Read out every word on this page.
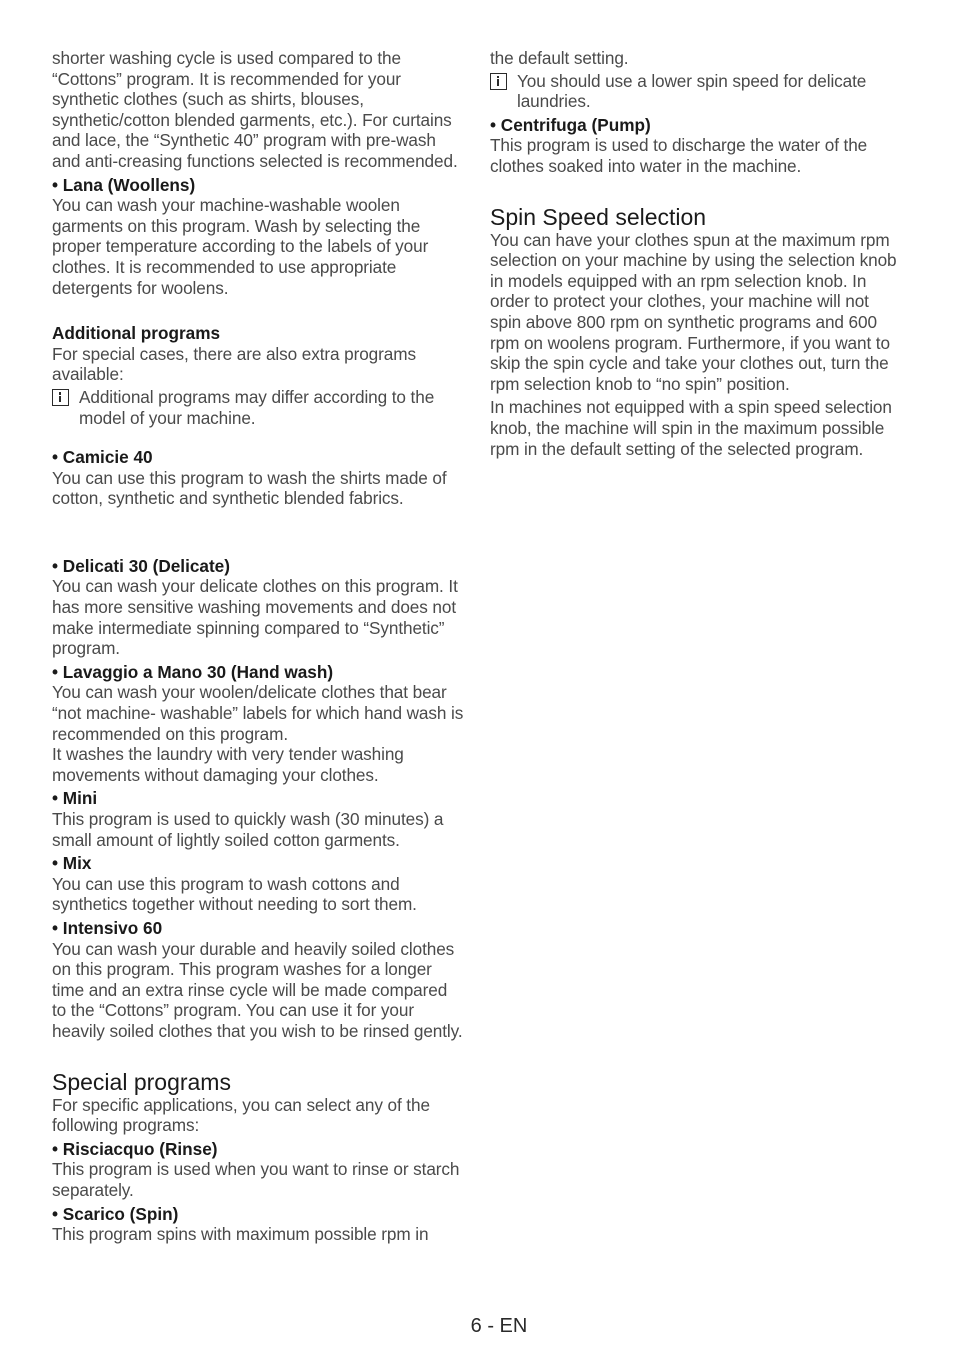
shorter washing cycle is used compared to the “Cottons” program. It is recommended for your synthetic clothes (such as shirts, blouses, synthetic/cotton blended garments, etc.). For curtains and lace, the “Synthetic 40” program with pre-wash and anti-creasing functions selected is recommended.

• Lana (Woollens)

You can wash your machine-washable woolen garments on this program. Wash by selecting the proper temperature according to the labels of your clothes. It is recommended to use appropriate detergents for woolens.

Additional programs

For special cases, there are also extra programs available:

Additional programs may differ according to the model of your machine.

• Camicie 40

You can use this program to wash the shirts made of cotton, synthetic and synthetic blended fabrics.

• Delicati 30 (Delicate)

You can wash your delicate clothes on this program. It has more sensitive washing movements and does not make intermediate spinning compared to “Synthetic” program.

• Lavaggio a Mano 30 (Hand wash)

You can wash your woolen/delicate clothes that bear “not machine- washable” labels for which hand wash is recommended on this program.

It washes the laundry with very tender washing movements without damaging your clothes.

• Mini

This program is used to quickly wash (30 minutes) a small amount of lightly soiled cotton garments.

• Mix

You can use this program to wash cottons and synthetics together without needing to sort them.

• Intensivo 60

You can wash your durable and heavily soiled clothes on this program. This program washes for a longer time and an extra rinse cycle will be made compared to the “Cottons” program. You can use it for your heavily soiled clothes that you wish to be rinsed gently.

Special programs

For specific applications, you can select any of the following programs:

• Risciacquo (Rinse)

This program is used when you want to rinse or starch separately.

• Scarico (Spin)

This program spins with maximum possible rpm in

the default setting.

You should use a lower spin speed for delicate laundries.

• Centrifuga (Pump)

This program is used to discharge the water of the clothes soaked into water in the machine.

Spin Speed selection

You can have your clothes spun at the maximum rpm selection on your machine by using the selection knob in models equipped with an rpm selection knob. In order to protect your clothes, your machine will not spin above 800 rpm on synthetic programs and 600 rpm on woolens program. Furthermore, if you want to skip the spin cycle and take your clothes out, turn the rpm selection knob to “no spin” position.

In machines not equipped with a spin speed selection knob, the machine will spin in the maximum possible rpm in the default setting of the selected program.

6 - EN
